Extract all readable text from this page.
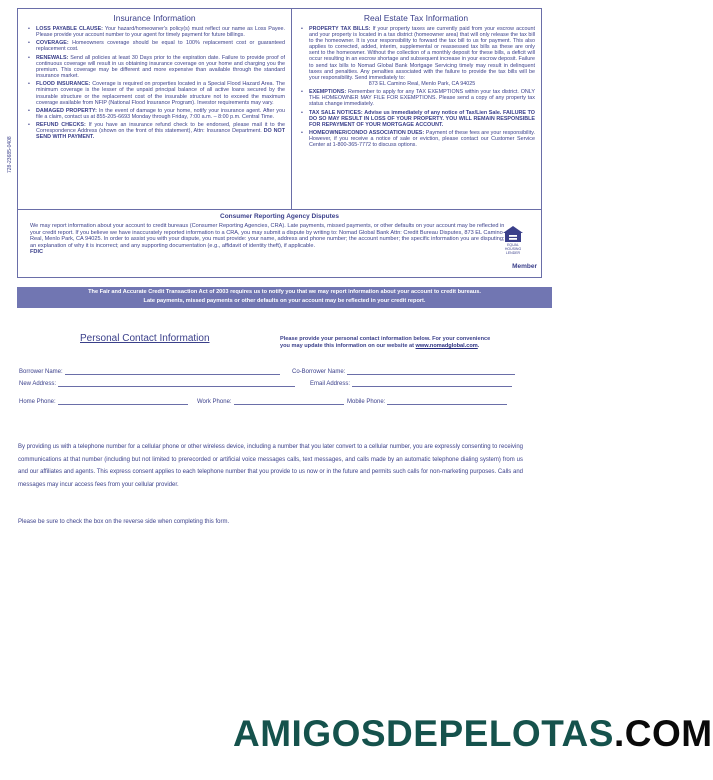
728-23685-0408
Insurance Information
• LOSS PAYABLE CLAUSE: Your hazard/homeowner's policy(s) must reflect our name as Loss Payee. Please provide your account number to your agent for timely payment for future billings.
• COVERAGE: Homeowners coverage should be equal to 100% replacement cost or guaranteed replacement cost.
• RENEWALS: Send all policies at least 30 Days prior to the expiration date. Failure to provide proof of continuous coverage will result in us obtaining insurance coverage on your home and charging you the premium. This coverage may be different and more expensive than available through the standard insurance market.
• FLOOD INSURANCE: Coverage is required on properties located in a Special Flood Hazard Area. The minimum coverage is the lesser of the unpaid principal balance of all active loans secured by the insurable structure or the replacement cost of the insurable structure not to exceed the maximum coverage available from NFIP (National Flood Insurance Program). Investor requirements may vary.
• DAMAGED PROPERTY: In the event of damage to your home, notify your insurance agent. After you file a claim, contact us at 855-205-6693 Monday through Friday, 7:00 a.m. – 8:00 p.m. Central Time.
• REFUND CHECKS: If you have an insurance refund check to be endorsed, please mail it to the Correspondence Address (shown on the front of this statement), Attn: Insurance Department. DO NOT SEND WITH PAYMENT.
Real Estate Tax Information
• PROPERTY TAX BILLS: If your property taxes are currently paid from your escrow account and your property is located in a tax district (homeowner area) that will only release the tax bill to the homeowner. It is your responsibility to forward the tax bill to us for payment. This also applies to corrected, added, interim, supplemental or reassessed tax bills as these are only sent to the homeowner. Without the collection of a monthly deposit for these bills, a deficit will occur resulting in an escrow shortage and subsequent increase in your escrow deposit. Failure to send tax bills to Nomad Global Bank Mortgage Servicing timely may result in delinquent taxes and penalties. Any penalties associated with the failure to provide the tax bills will be your responsibility. Send immediately to:
873 EL Camino Real, Menlo Park, CA 94025
• EXEMPTIONS: Remember to apply for any TAX EXEMPTIONS within your tax district. ONLY THE HOMEOWNER MAY FILE FOR EXEMPTIONS. Please send a copy of any property tax status change immediately.
• TAX SALE NOTICES: Advise us immediately of any notice of Tax/Lien Sale. FAILURE TO DO SO MAY RESULT IN LOSS OF YOUR PROPERTY. YOU WILL REMAIN RESPONSIBLE FOR REPAYMENT OF YOUR MORTGAGE ACCOUNT.
• HOMEOWNER/CONDO ASSOCIATION DUES: Payment of these fees are your responsibility. However, if you receive a notice of sale or eviction, please contact our Customer Service Center at 1-800-365-7772 to discuss options.
Consumer Reporting Agency Disputes
We may report information about your account to credit bureaus (Consumer Reporting Agencies, CRA). Late payments, missed payments, or other defaults on your account may be reflected in your credit report. If you believe we have inaccurately reported information to a CRA, you may submit a dispute by writing to: Nomad Global Bank Attn: Credit Bureau Disputes, 873 EL Camino Real, Menlo Park, CA 94025. In order to assist you with your dispute, you must provide: your name, address and phone number; the account number; the specific information you are disputing; an explanation of why it is incorrect; and any supporting documentation (e.g., affidavit of identity theft), if applicable.
FDIC
EQUAL HOUSING LENDER
Member
The Fair and Accurate Credit Transaction Act of 2003 requires us to notify you that we may report information about your account to credit bureaus.
Late payments, missed payments or other defaults on your account may be reflected in your credit report.
Personal Contact Information	Please provide your personal contact information below. For your convenience you may update this information on our website at www.nomadglobal.com.
Borrower Name:	Co-Borrower Name:
New Address:	Email Address:
Home Phone:	Work Phone:	Mobile Phone:
By providing us with a telephone number for a cellular phone or other wireless device, including a number that you later convert to a cellular number, you are expressly consenting to receiving communications at that number (including but not limited to prerecorded or artificial voice messages calls, text messages, and calls made by an automatic telephone dialing system) from us and our affiliates and agents. This express consent applies to each telephone number that you provide to us now or in the future and permits such calls for non-marketing purposes. Calls and messages may incur access fees from your cellular provider.
Please be sure to check the box on the reverse side when completing this form.
AMIGOSDEPELOTAS.COM
